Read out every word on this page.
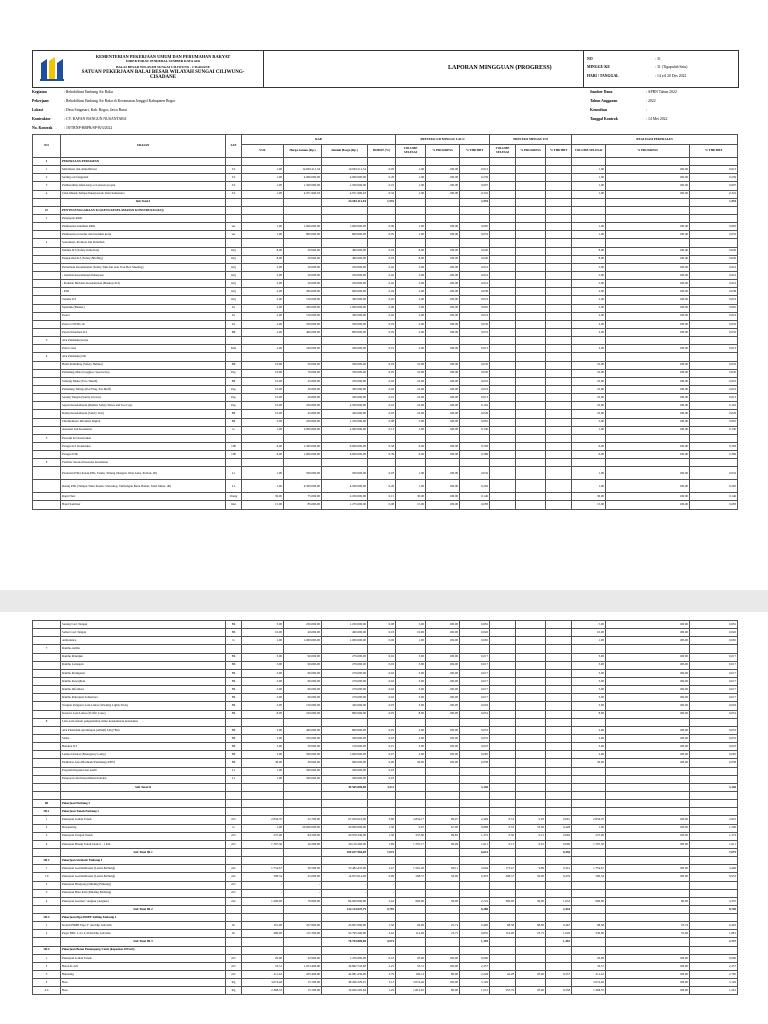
KEMENTERIAN PEKERJAAN UMUM DAN PERUMAHAN RAKYAT
DIREKTORAT JENDERAL SUMBER DAYA AIR
BALAI BESAR WILAYAH SUNGAI CILIWUNG - CISADANE
SATUAN PEKERJAAN BALAI BESAR WILAYAH SUNGAI CILIWUNG-CISADANE
LAPORAN MINGGUAN (PROGRESS)
NO	: 31
MINGGU KE	: 31 (Tigapuluh Satu)
HARI / TANGGAL	: 14 s/d 20 Des 2022
Kegiatan	: Rehabilitasi Embung Air Baku
Pekerjaan	: Rehabilitasi Embung Air Baku di Kecamatan Jonggol Kabupaten Bogor
Lokasi	: Desa Singasari, Kab. Bogor, Jawa Barat
Kontraktor	: CV. RAFAN BANGUN NUSANTARA
No. Kontrak	: 18/TRNP-BRPR/SP-B/3/2022
Sumber Dana	: APBN Tahun 2022
Tahun Anggaran	: 2022
Konsultan	:
Tanggal Kontrak	: 14 Mei 2022
NO	URAIAN	SAT	RAB				PRESTASI S/D MINGGU LALU			PRESTASI MINGGU INI			REALISASI PEKERJAAN		
			VOL	Harga Satuan (Rp.)	Jumlah Harga (Rp.)	BOBOT (%)	VOLUME SELESAI	% PROGRESS	% THD BBT	VOLUME SELESAI	% PROGRESS	% THD BBT	VOLUME SELESAI	% PROGRESS	% THD BBT

I	PEKERJAAN PERSIAPAN														
1	Mobilisasi dan demobilisasi	LS	1,00	14.093.211,54	14.093.211,54	0,95	1,00	100,00	0,913				1,00	100,00	0,913
2	Setting out bangunan	LS	1,00	4.000.000,00	4.000.000,00	0,26	1,00	100,00	0,259				1,00	100,00	0,259
3	Pembersihan lahan kerja s/d selesai proyek	LS	1,00	1.500.000,00	1.500.000,00	0,10	1,00	100,00	0,097				1,00	100,00	0,097
4	Jalan Masuk Tempat Pekerjaan & Jalan Sementara	LS	1,00	4.971.900,03	4.971.900,03	0,32	1,00	100,00	0,322				1,00	100,00	0,322
	Sub Total I				24.565.112,04	1,591			1,591						1,591
II	PENYELENGGARAAN K3 (KETA KESELAMATAN KONSTRUKSI (K3))														
1	Penyiapan RKK														
	Pembuatan dokumen RKK	set	1,00	1.000.000,00	1.000.000,00	0,06	1,00	100,00	0,065				1,00	100,00	0,065
	Pembuatan prosedur dan instruksi kerja	set	1,00	800.000,00	800.000,00	0,05	1,00	100,00	0,052				1,00	100,00	0,052
2	Sosialisasi, Promosi dan Pelatihan														
	Induksi K3 (Safety Induction)	Org	8,00	50.000,00	400.000,00	0,03	8,00	100,00	0,026				8,00	100,00	0,026
	Pengarahan K3 (Safety Briefing)	Org	8,00	50.000,00	400.000,00	0,03	8,00	100,00	0,026				8,00	100,00	0,026
	Pertemuan Keselamatan (Safety Talk dan atau Tool Box Meeting)	Org	5,00	50.000,00	250.000,00	0,02	5,00	100,00	0,016				5,00	100,00	0,016
	- Analisis Keselamatan Pekerjaan	Org	5,00	50.000,00	250.000,00	0,02	5,00	100,00	0,016				5,00	100,00	0,016
	- Prakdau Berbasis Keselamatan (Banksys K3)	Org	5,00	50.000,00	250.000,00	0,02	5,00	100,00	0,016				5,00	100,00	0,016
	- P3K	Org	2,00	300.000,00	600.000,00	0,04	2,00	100,00	0,039				2,00	100,00	0,039
	Standar K3	Org	2,00	150.000,00	300.000,00	0,02	2,00	100,00	0,019				2,00	100,00	0,019
	Spanduk (Banner)	Lb	5,00	200.000,00	1.000.000,00	0,06	5,00	100,00	0,065				5,00	100,00	0,065
	Poster	Lb	2,00	150.000,00	300.000,00	0,02	2,00	100,00	0,019				2,00	100,00	0,019
	Poster COVID-19	Lb	2,00	250.000,00	500.000,00	0,03	2,00	100,00	0,032				2,00	100,00	0,032
	Papan Informasi K3	Bh	2,00	400.000,00	800.000,00	0,05	2,00	100,00	0,052				2,00	100,00	0,052
3	Alat Pelindung Kerja														
	Police Line	Roll	2,00	100.000,00	200.000,00	0,01	2,00	100,00	0,013				2,00	100,00	0,013
4	Alat Pelindung Diri														
	Helm Pelindung (Safety Helmet)	Bh	10,00	50.000,00	500.000,00	0,03	10,00	100,00	0,032				10,00	100,00	0,032
	Pelindung Mata (Goggles, Spectacles)	Psg	10,00	70.000,00	700.000,00	0,05	10,00	100,00	0,045				10,00	100,00	0,045
	Tameng Muka (Face Shield)	Bh	10,00	25.000,00	250.000,00	0,02	10,00	100,00	0,016				10,00	100,00	0,016
	Pelindung Telinga (Ear Plug, Ear Muff)	Psg	10,00	30.000,00	300.000,00	0,02	10,00	100,00	0,019				10,00	100,00	0,019
	Sarung Tangan (Safety Gloves)	Psg	10,00	20.000,00	200.000,00	0,01	10,00	100,00	0,013				10,00	100,00	0,013
	Sepatu Keselamatan (Rubber Safety Shoes and Toe Cap)	Psg	10,00	250.000,00	2.500.000,00	0,16	10,00	100,00	0,162				10,00	100,00	0,162
	Rompi Keselamatan (Safety Vest)	Bh	10,00	45.000,00	450.000,00	0,03	10,00	100,00	0,029				10,00	100,00	0,029
	Thermometer Inframed Digital	Bh	5,00	250.000,00	1.250.000,00	0,08	5,00	100,00	0,081				5,00	100,00	0,081
	Asuransi dan Kesehatan	ls	1,00	2.000.000,00	2.000.000,00	0,13	1,00	100,00	0,130				1,00	100,00	0,130
5	Personil K3 Konstruksi														
	Petugas K3 Konstruksi	OB	6,00	1.500.000,00	9.000.000,00	0,58	6,00	100,00	0,583				6,00	100,00	0,583
	Petugas P3K	OB	6,00	1.000.000,00	6.000.000,00	0,39	6,00	100,00	0,389				6,00	100,00	0,389
6	Fasilitas Sarana Prasarana Kesehatan														
	Peralatan P3K (Kotak P3K, Tandu, Tabung Oksigen, Obat Luka, Perban, dll)	Ls	1,00	500.000,00	500.000,00	0,03	1,00	100,00	0,032				1,00	100,00	0,032
	Ruang P3K (Tempat Tidur Pasien, Stetoskop, Timbangan Berat Badan, Tensi Meter, dll)	Ls	1,00	4.500.000,00	4.500.000,00	0,29	1,00	100,00	0,292				1,00	100,00	0,292
	Rapid Test	Orang	30,00	75.000,00	2.250.000,00	0,15	30,00	100,00	0,146				30,00	100,00	0,146
	Hand Sanitizer	liter	15,00	85.000,00	1.275.000,00	0,08	15,00	100,00	0,083				15,00	100,00	0,083
	Sarung Cuci Tangan	Bh	5,00	250.000,00	1.250.000,00	0,08	5,00	100,00	0,081				5,00	100,00	0,081
	Sabun Cuci Tangan	Bh	10,00	40.000,00	400.000,00	0,03	10,00	100,00	0,026				10,00	100,00	0,026
	Ambulance	ls	1,00	1.000.000,00	1.000.000,00	0,06	1,00	100,00	0,065				1,00	100,00	0,065
7	Rambu-rambu														
	Rambu Petunjuk	Bh	3,00	90.000,00	270.000,00	0,02	3,00	100,00	0,017				3,00	100,00	0,017
	Rambu Larangan	Bh	3,00	90.000,00	270.000,00	0,02	3,00	100,00	0,017				3,00	100,00	0,017
	Rambu Peringatan	Bh	3,00	90.000,00	270.000,00	0,02	3,00	100,00	0,017				3,00	100,00	0,017
	Rambu Kewajiban	Bh	3,00	90.000,00	270.000,00	0,02	3,00	100,00	0,017				3,00	100,00	0,017
	Rambu Informasi	Bh	3,00	90.000,00	270.000,00	0,02	3,00	100,00	0,017				3,00	100,00	0,017
	Rambu Pekerjaan Sementara	Bh	3,00	90.000,00	270.000,00	0,02	3,00	100,00	0,017				3,00	100,00	0,017
	Tongkat Pengatur Lalu Lintas (Warning Lights Stick)	Bh	3,00	150.000,00	450.000,00	0,03	3,00	100,00	0,029				3,00	100,00	0,029
	Kerucut Lalu Lintas (Traffic Cone)	Bh	8,00	100.000,00	800.000,00	0,05	8,00	100,00	0,052				8,00	100,00	0,052
8	Lain-Lain terkait pengendalian risiko keselamatan konstruksi														
	Alat Pemadam Api Ringan (APAR) 6 Kg+Box	Bh	2,00	400.000,00	800.000,00	0,05	2,00	100,00	0,052				2,00	100,00	0,052
	Sirine	Bh	2,00	250.000,00	500.000,00	0,03	2,00	100,00	0,032				2,00	100,00	0,032
	Bendera K3	Bh	3,00	50.000,00	150.000,00	0,01	3,00	100,00	0,010				3,00	100,00	0,010
	Lampa Darurat (Emergency Lamp)	Bh	2,00	500.000,00	1.000.000,00	0,07	2,00	100,00	0,065				2,00	100,00	0,065
	Pembatas Area (Barikade Pelindung KBY)	Bh	30,00	30.000,00	900.000,00	0,06	30,00	100,00	0,058				30,00	100,00	0,058
	Program Inspeksi dan Audit	Ls	1,00	500.000,00	500.000,00	0,03									
	Pelaporan dan Penyelidikan Insiden	Ls	1,00	500.000,00	500.000,00	0,03									
	Sub Total II				49.565.000,00	3,211			3,146						3,146

III	Pekerjaan Embung I														
III.1	Pekerjaan Tanah Embung I														
1	Pekerjaan Galian Tanah	m3	2.834,70	22.700,00	67.030.610,00	3,68	2.834,17	99,97	2,409	0,53	0,03	0,001	2.834,70	100,00	2,810
2	Dewatering	ls	1,00	20.000.000,00	20.000.000,00	1,30	0,67	67,00	0,868	0,33	33,00	0,428	1,00	100,00	1,296
3	Pekerjaan Urugan Tanah	m3	237,96	84.500,00	20.078.340,00	1,30	237,60	99,85	1,372	0,36	0,15	0,002	237,96	100,00	1,374
4	Pekerjaan Buang Tanah Jarak 0 - 1 Km	m3	1.797,30	16.200,00	29.116.260,00	1,89	1.797,17	99,99	1,611	0,13	0,01	0,000	1.797,30	100,00	1,611
	Sub Total III.1				109.637.960,00	7,075			6,641			0,430			7,075
III.2	Pekerjaan Struktur Embung I														
1	Pekerjaan Geomembrane (Lantai Embung)	m2	1.754,67	30.500,00	53.482.435,00	3,47	1.581,20	90,11	3,064	173,47	9,89	0,341	1.754,67	100,00	3,409
1.6	Pekerjaan Geomembrane (Lantai Embung)	m2	590,34	25.000,00	14.815.614,00	0,96	298,37	50,00	0,476	298,37	50,00	0,476	590,34	100,00	0,952
2	Pekerjaan Bronjong (Dinding Embung)	m3	-	-	-	-									
3	Pekerjaan Batu Kali (Dinding Embung)	m3	-	-	-	-									
4	Pekerjaan Geomat / Angkur (Angkur)	m2	1.200,00	70.000,00	84.000.000,00	5,44	600,00	50,00	2,722	360,00	30,00	1,633	960,00	80,00	4,355
	Sub Total III.2				152.114.047,79	9,795			6,288			2,444			8,740
III.3	Pekerjaan Pipa HDPE Stilling Embung I														
1	Kolom HDPE Pipa 3" dan Dip Galvanis	m'	101,00	257.600,00	23.997.600,00	1,56	26,00	25,74	0,400	98,58	98,00	0,467	98,58	25,74	0,402
2	Pagar BRC 1,4 x 2,4 Dan Dip Galvanis	m'	480,00	115.700,00	52.795.200,00	3,42	114,00	23,75	0,835	116,00	23,75	1,026	230,00	55,00	1,881
	Sub Total III.3				76.794.800,00	4,974			1,195			1,492			2,747
III.4	Pekerjaan Beton Penampang 3 unit (kapasitas 100 m3)														
1	Pekerjaan Galian Tanah	m3	20,00	22.900,00	1.470.600,00	0,10	20,00	100,00	0,096				20,00	100,00	0,096
2	Beton K-225	m3	33,31	1.053.400,00	34.862.743,60	2,25	33,31	100,00	2,257				33,31	100,00	2,257
3	Bekisting	m2	211,42	203.400,00	42.981.436,00	2,79	169,14	80,00	2,228	42,28	20,00	0,557	211,42	100,00	2,785
4	Besi	Kg	3.074,46	15.700,00	48.266.329,91	3,13	3.074,46	100,00	3,129				3.074,46	100,00	3,129
4.b	Besi	Kg	2.368,35	15.700,00	19.920.295,64	1,29	1.814,65	80,00	1,031	253,76	20,00	0,258	1.368,35	100,00	1,291
